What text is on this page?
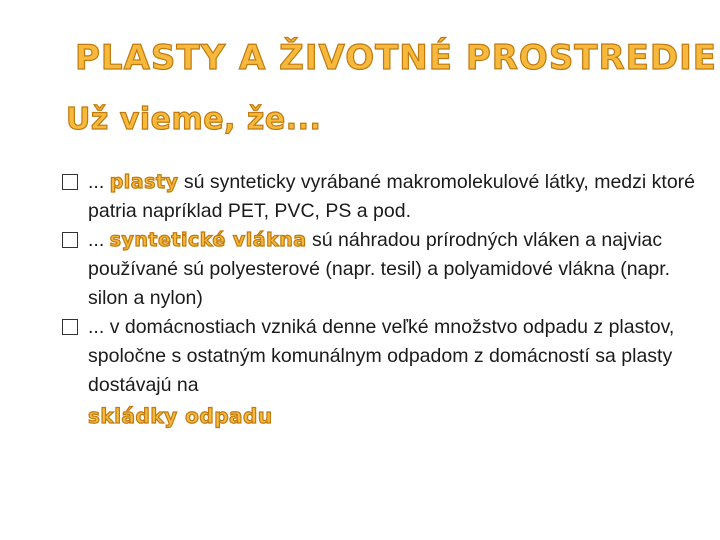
PLASTY A ŽIVOTNÉ PROSTREDIE
Už vieme, že...
... plasty sú synteticky vyrábané makromolekulové látky, medzi ktoré patria napríklad PET, PVC, PS a pod.
... syntetické vlákna sú náhradou prírodných vláken a najviac používané sú polyesterové (napr. tesil) a polyamidové vlákna (napr. silon a nylon)
... v domácnostiach vzniká denne veľké množstvo odpadu z plastov, spoločne s ostatným komunálnym odpadom z domácností sa plasty dostávajú na
skládky odpadu
